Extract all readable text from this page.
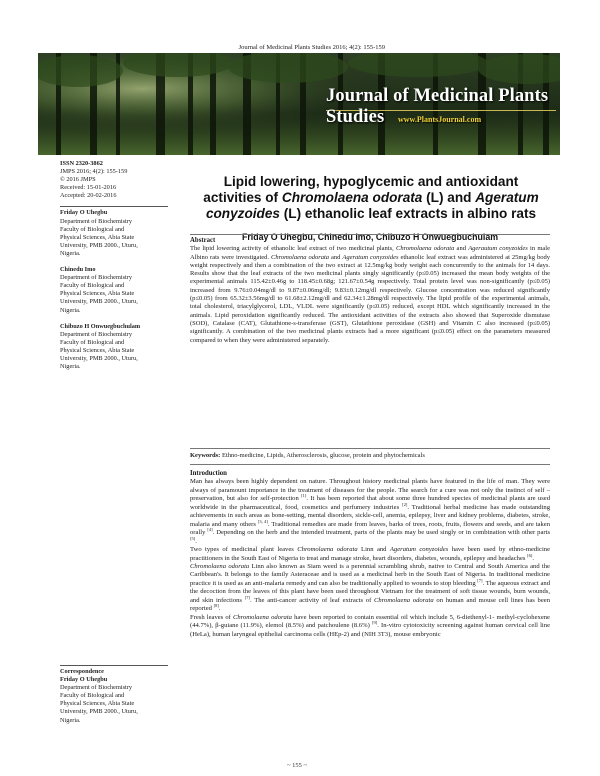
Journal of Medicinal Plants Studies 2016; 4(2): 155-159
Journal of Medicinal Plants Studies	www.PlantsJournal.com
ISSN 2320-3862
JMPS 2016; 4(2): 155-159
© 2016 JMPS
Received: 15-01-2016
Accepted: 20-02-2016
Friday O Uhegbu
Department of Biochemistry
Faculty of Biological and
Physical Sciences, Abia State
University, PMB 2000., Uturu,
Nigeria.
Chinedu Imo
Department of Biochemistry
Faculty of Biological and
Physical Sciences, Abia State
University, PMB 2000., Uturu,
Nigeria.
Chibuzo H Onwuegbuchulam
Department of Biochemistry
Faculty of Biological and
Physical Sciences, Abia State
University, PMB 2000., Uturu,
Nigeria.
Correspondence
Friday O Uhegbu
Department of Biochemistry
Faculty of Biological and
Physical Sciences, Abia State
University, PMB 2000., Uturu,
Nigeria.
Lipid lowering, hypoglycemic and antioxidant
activities of Chromolaena odorata (L) and Ageratum
conyzoides (L) ethanolic leaf extracts in albino rats
Friday O Uhegbu, Chinedu Imo, Chibuzo H Onwuegbuchulam
Abstract
The lipid lowering activity of ethanolic leaf extract of two medicinal plants, Chromolaena odorata and Agerautum conyzoides in male Albino rats were investigated. Chromolaena odorata and Ageratum conyzoides ethanolic leaf extract was administered at 25mg/kg body weight respectively and then a combination of the two extract at 12.5mg/kg body weight each concurrently to the animals for 14 days. Results show that the leaf extracts of the two medicinal plants singly significantly (p≤0.05) increased the mean body weights of the experimental animals 115.42±0.46g to 118.45±0.68g; 121.67±0.54g respectively. Total protein level was non-significantly (p≤0.05) increased from 9.76±0.04mg/dl to 9.87±0.06mg/dl; 9.83±0.12mg/dl respectively. Glucose concentration was reduced significantly (p≤0.05) from 65.32±3.56mg/dl to 61.68±2.12mg/dl and 62.34±1.28mg/dl respectively. The lipid profile of the experimental animals, total cholesterol, triacylglycerol, LDL, VLDL were significantly (p≤0.05) reduced, except HDL which significantly increased in the animals. Lipid peroxidation significantly reduced. The antioxidant activities of the extracts also showed that Superoxide dismutase (SOD), Catalase (CAT), Glutathione-s-transferase (GST), Glutathione peroxidase (GSH) and Vitamin C also increased (p≤0.05) significantly. A combination of the two medicinal plants extracts had a more significant (p≤0.05) effect on the parameters measured compared to when they were administered separately.
Keywords: Ethno-medicine, Lipids, Atherosclerosis, glucose, protein and phytochemicals
Introduction

Man has always been highly dependent on nature. Throughout history medicinal plants have featured in the life of man. They were always of paramount importance in the treatment of diseases for the people. The search for a cure was not only the instinct of self – preservation, but also for self-protection [1]. It has been reported that about some three hundred species of medicinal plants are used worldwide in the pharmaceutical, food, cosmetics and perfumery industries [2]. Traditional herbal medicine has made outstanding achievements in such areas as bone-setting, mental disorders, sickle-cell, anemia, epilepsy, liver and kidney problems, diabetes, stroke, malaria and many others [3, 4]. Traditional remedies are made from leaves, barks of trees, roots, fruits, flowers and seeds, and are taken orally [4]. Depending on the herb and the intended treatment, parts of the plants may be used singly or in combination with other parts [5].

Two types of medicinal plant leaves Chromolaena odorata Linn and Ageratum conyzoides have been used by ethno-medicine practitioners in the South East of Nigeria to treat and manage stroke, heart disorders, diabetes, wounds, epilepsy and headaches [6].

Chromolaena odorata Linn also known as Siam weed is a perennial scrambling shrub, native to Central and South America and the Caribbean's. It belongs to the family Asteraceae and is used as a medicinal herb in the South East of Nigeria. In traditional medicine practice it is used as an anti-malaria remedy and can also be traditionally applied to wounds to stop bleeding [7]. The aqueous extract and the decoction from the leaves of this plant have been used throughout Vietnam for the treatment of soft tissue wounds, burn wounds, and skin infections [7]. The anti-cancer activity of leaf extracts of Chromolaena odorata on human and mouse cell lines has been reported [8].

Fresh leaves of Chromolaena odorata have been reported to contain essential oil which include 5, 6-diethenyl-1- methyl-cyclohexene (44.7%), β-guiane (11.9%), elemol (8.5%) and patchoulene (8.6%) [9]. In-vitro cytotoxicity screening against human cervical cell line (HeLa), human laryngeal epithelial carcinoma cells (HEp-2) and (NIH 3T3), mouse embryonic

~ 155 ~
